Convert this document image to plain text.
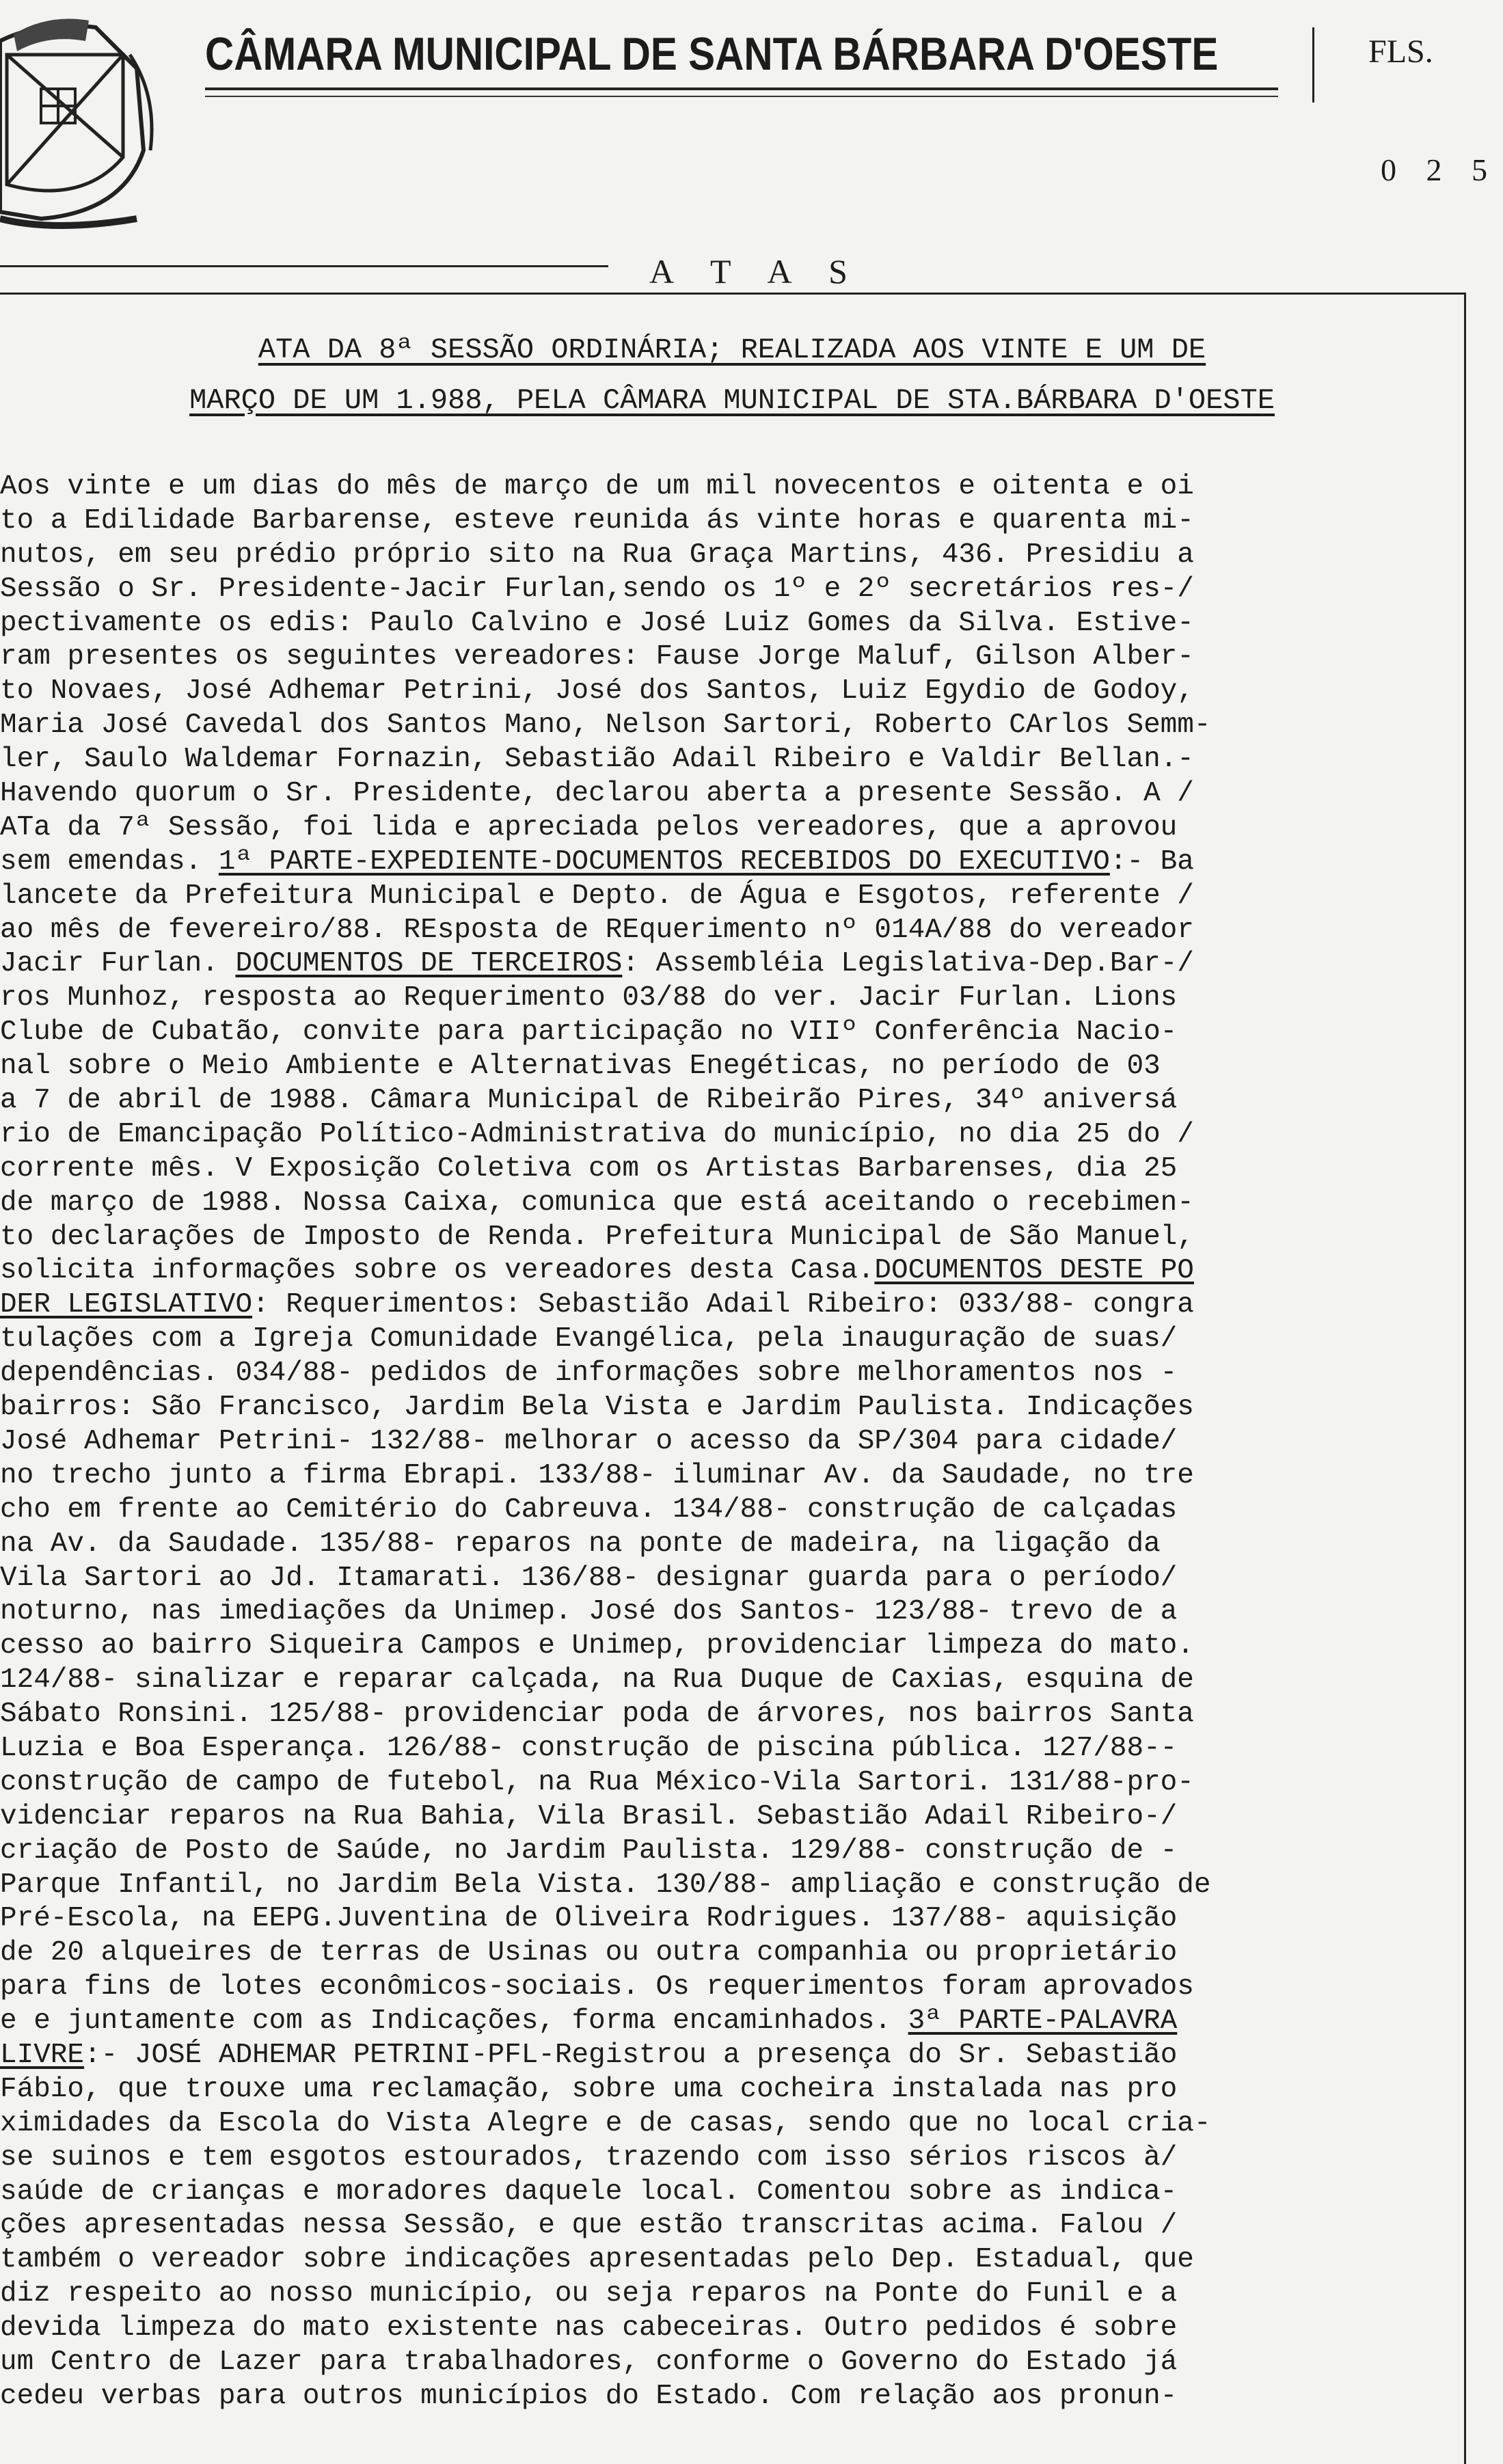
CÂMARA MUNICIPAL DE SANTA BÁRBARA D'OESTE	FLS.
0 2 5
A T A S
ATA DA 8ª SESSÃO ORDINÁRIA; REALIZADA AOS VINTE E UM DE
MARÇO DE UM 1.988, PELA CÂMARA MUNICIPAL DE STA.BÁRBARA D'OESTE
Aos vinte e um dias do mês de março de um mil novecentos e oitenta e oi
to a Edilidade Barbarense, esteve reunida ás vinte horas e quarenta mi-
nutos, em seu prédio próprio sito na Rua Graça Martins, 436. Presidiu a
Sessão o Sr. Presidente-Jacir Furlan,sendo os 1º e 2º secretários res-/
pectivamente os edis: Paulo Calvino e José Luiz Gomes da Silva. Estive-
ram presentes os seguintes vereadores: Fause Jorge Maluf, Gilson Alber-
to Novaes, José Adhemar Petrini, José dos Santos, Luiz Egydio de Godoy,
Maria José Cavedal dos Santos Mano, Nelson Sartori, Roberto CArlos Semm-
ler, Saulo Waldemar Fornazin, Sebastião Adail Ribeiro e Valdir Bellan.-
Havendo quorum o Sr. Presidente, declarou aberta a presente Sessão. A /
ATa da 7ª Sessão, foi lida e apreciada pelos vereadores, que a aprovou
sem emendas. 1ª PARTE-EXPEDIENTE-DOCUMENTOS RECEBIDOS DO EXECUTIVO:- Ba
lancete da Prefeitura Municipal e Depto. de Água e Esgotos, referente /
ao mês de fevereiro/88. REsposta de REquerimento nº 014A/88 do vereador
Jacir Furlan. DOCUMENTOS DE TERCEIROS: Assembléia Legislativa-Dep.Bar-/
ros Munhoz, resposta ao Requerimento 03/88 do ver. Jacir Furlan. Lions
Clube de Cubatão, convite para participação no VIIº Conferência Nacio-
nal sobre o Meio Ambiente e Alternativas Enegéticas, no período de 03
a 7 de abril de 1988. Câmara Municipal de Ribeirão Pires, 34º aniversá
rio de Emancipação Político-Administrativa do município, no dia 25 do /
corrente mês. V Exposição Coletiva com os Artistas Barbarenses, dia 25
de março de 1988. Nossa Caixa, comunica que está aceitando o recebimen-
to declarações de Imposto de Renda. Prefeitura Municipal de São Manuel,
solicita informações sobre os vereadores desta Casa.DOCUMENTOS DESTE PO
DER LEGISLATIVO: Requerimentos: Sebastião Adail Ribeiro: 033/88- congra
tulações com a Igreja Comunidade Evangélica, pela inauguração de suas/
dependências. 034/88- pedidos de informações sobre melhoramentos nos -
bairros: São Francisco, Jardim Bela Vista e Jardim Paulista. Indicações
José Adhemar Petrini- 132/88- melhorar o acesso da SP/304 para cidade/
no trecho junto a firma Ebrapi. 133/88- iluminar Av. da Saudade, no tre
cho em frente ao Cemitério do Cabreuva. 134/88- construção de calçadas
na Av. da Saudade. 135/88- reparos na ponte de madeira, na ligação da
Vila Sartori ao Jd. Itamarati. 136/88- designar guarda para o período/
noturno, nas imediações da Unimep. José dos Santos- 123/88- trevo de a
cesso ao bairro Siqueira Campos e Unimep, providenciar limpeza do mato.
124/88- sinalizar e reparar calçada, na Rua Duque de Caxias, esquina de
Sábato Ronsini. 125/88- providenciar poda de árvores, nos bairros Santa
Luzia e Boa Esperança. 126/88- construção de piscina pública. 127/88--
construção de campo de futebol, na Rua México-Vila Sartori. 131/88-pro-
videnciar reparos na Rua Bahia, Vila Brasil. Sebastião Adail Ribeiro-/
criação de Posto de Saúde, no Jardim Paulista. 129/88- construção de -
Parque Infantil, no Jardim Bela Vista. 130/88- ampliação e construção de
Pré-Escola, na EEPG.Juventina de Oliveira Rodrigues. 137/88- aquisição
de 20 alqueires de terras de Usinas ou outra companhia ou proprietário
para fins de lotes econômicos-sociais. Os requerimentos foram aprovados
e e juntamente com as Indicações, forma encaminhados. 3ª PARTE-PALAVRA
LIVRE:- JOSÉ ADHEMAR PETRINI-PFL-Registrou a presença do Sr. Sebastião
Fábio, que trouxe uma reclamação, sobre uma cocheira instalada nas pro
ximidades da Escola do Vista Alegre e de casas, sendo que no local cria-
se suinos e tem esgotos estourados, trazendo com isso sérios riscos à/
saúde de crianças e moradores daquele local. Comentou sobre as indica-
ções apresentadas nessa Sessão, e que estão transcritas acima. Falou /
também o vereador sobre indicações apresentadas pelo Dep. Estadual, que
diz respeito ao nosso município, ou seja reparos na Ponte do Funil e a
devida limpeza do mato existente nas cabeceiras. Outro pedidos é sobre
um Centro de Lazer para trabalhadores, conforme o Governo do Estado já
cedeu verbas para outros municípios do Estado. Com relação aos pronun-
